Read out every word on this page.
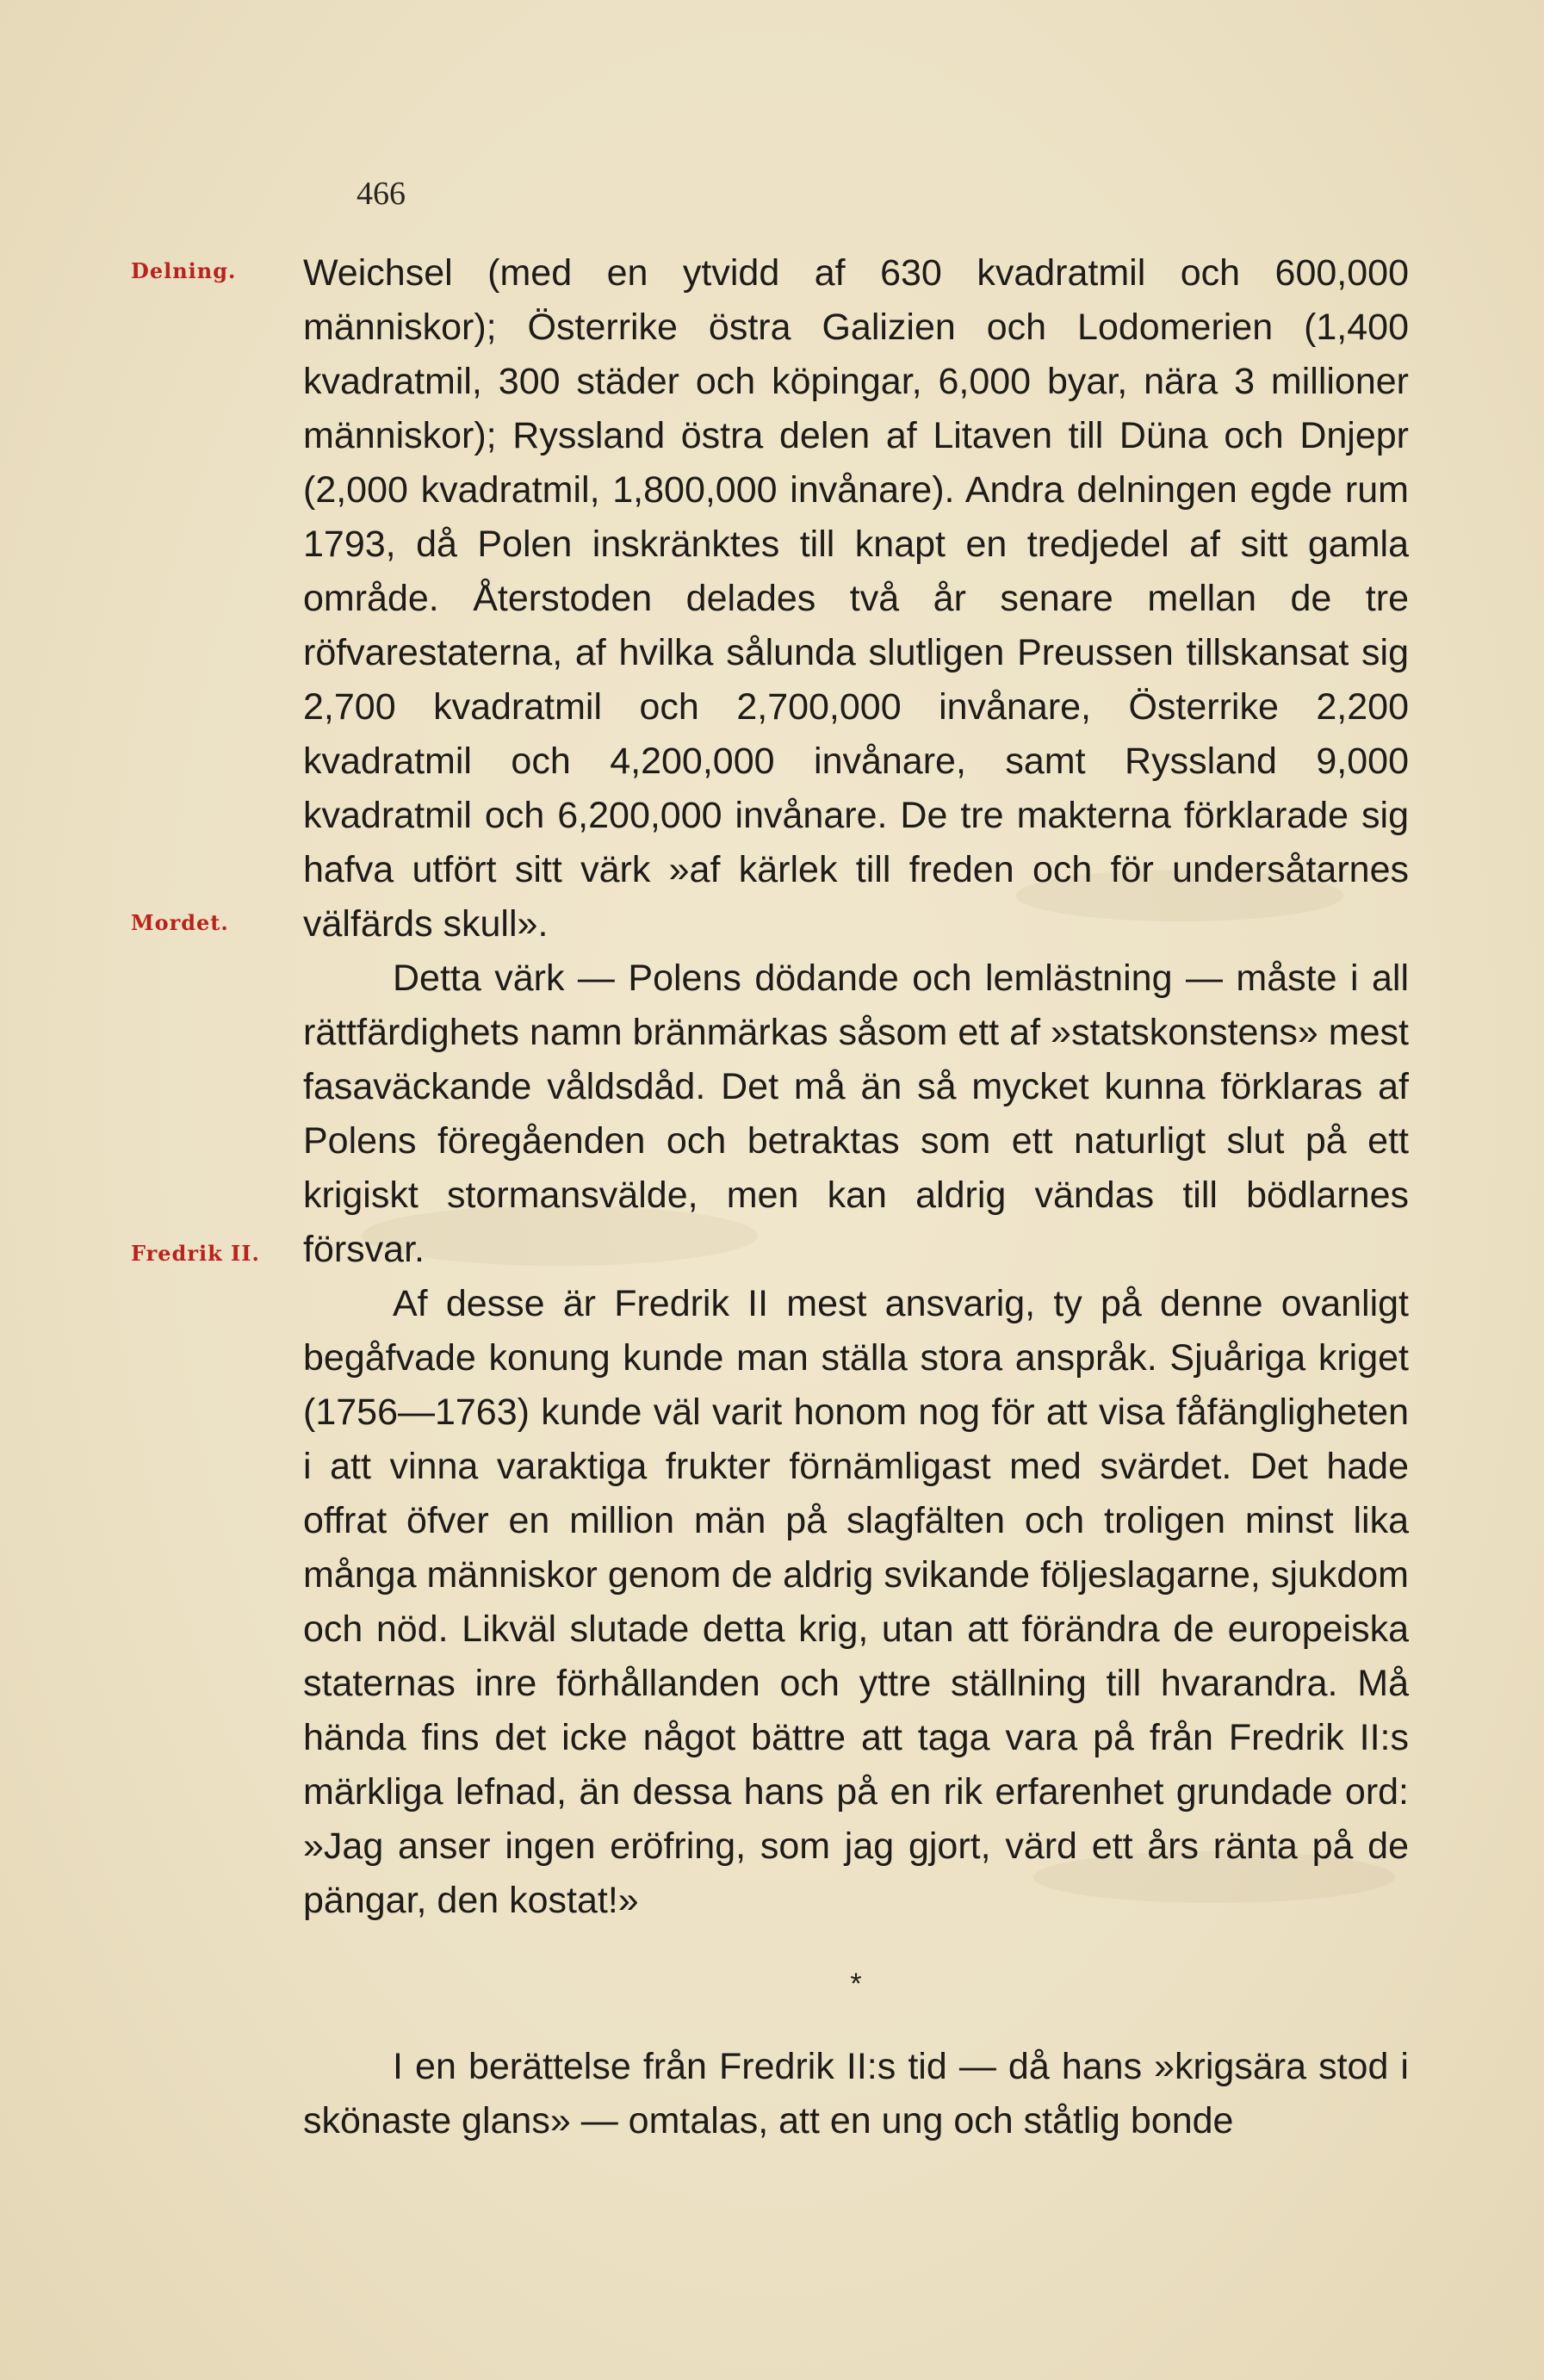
466
Delning.
Mordet.
Fredrik II.

Weichsel (med en ytvidd af 630 kvadratmil och 600,000 människor); Österrike östra Galizien och Lodomerien (1,400 kvadratmil, 300 städer och köpingar, 6,000 byar, nära 3 millioner människor); Ryssland östra delen af Litaven till Düna och Dnjepr (2,000 kvadratmil, 1,800,000 invånare). Andra delningen egde rum 1793, då Polen inskränktes till knapt en tredjedel af sitt gamla område. Återstoden delades två år senare mellan de tre röfvarestaterna, af hvilka sålunda slutligen Preussen tillskansat sig 2,700 kvadratmil och 2,700,000 invånare, Österrike 2,200 kvadratmil och 4,200,000 invånare, samt Ryssland 9,000 kvadratmil och 6,200,000 invånare. De tre makterna förklarade sig hafva utfört sitt värk »af kärlek till freden och för undersåtarnes välfärds skull».

Detta värk — Polens dödande och lemlästning — måste i all rättfärdighets namn bränmärkas såsom ett af »statskonstens» mest fasaväckande våldsdåd. Det må än så mycket kunna förklaras af Polens föregåenden och betraktas som ett naturligt slut på ett krigiskt stormansvälde, men kan aldrig vändas till bödlarnes försvar.

Af desse är Fredrik II mest ansvarig, ty på denne ovanligt begåfvade konung kunde man ställa stora anspråk. Sjuåriga kriget (1756—1763) kunde väl varit honom nog för att visa fåfängligheten i att vinna varaktiga frukter förnämligast med svärdet. Det hade offrat öfver en million män på slagfälten och troligen minst lika många människor genom de aldrig svikande följeslagarne, sjukdom och nöd. Likväl slutade detta krig, utan att förändra de europeiska staternas inre förhållanden och yttre ställning till hvarandra. Må hända fins det icke något bättre att taga vara på från Fredrik II:s märkliga lefnad, än dessa hans på en rik erfarenhet grundade ord: »Jag anser ingen eröfring, som jag gjort, värd ett års ränta på de pängar, den kostat!»

*

I en berättelse från Fredrik II:s tid — då hans »krigsära stod i skönaste glans» — omtalas, att en ung och ståtlig bonde
